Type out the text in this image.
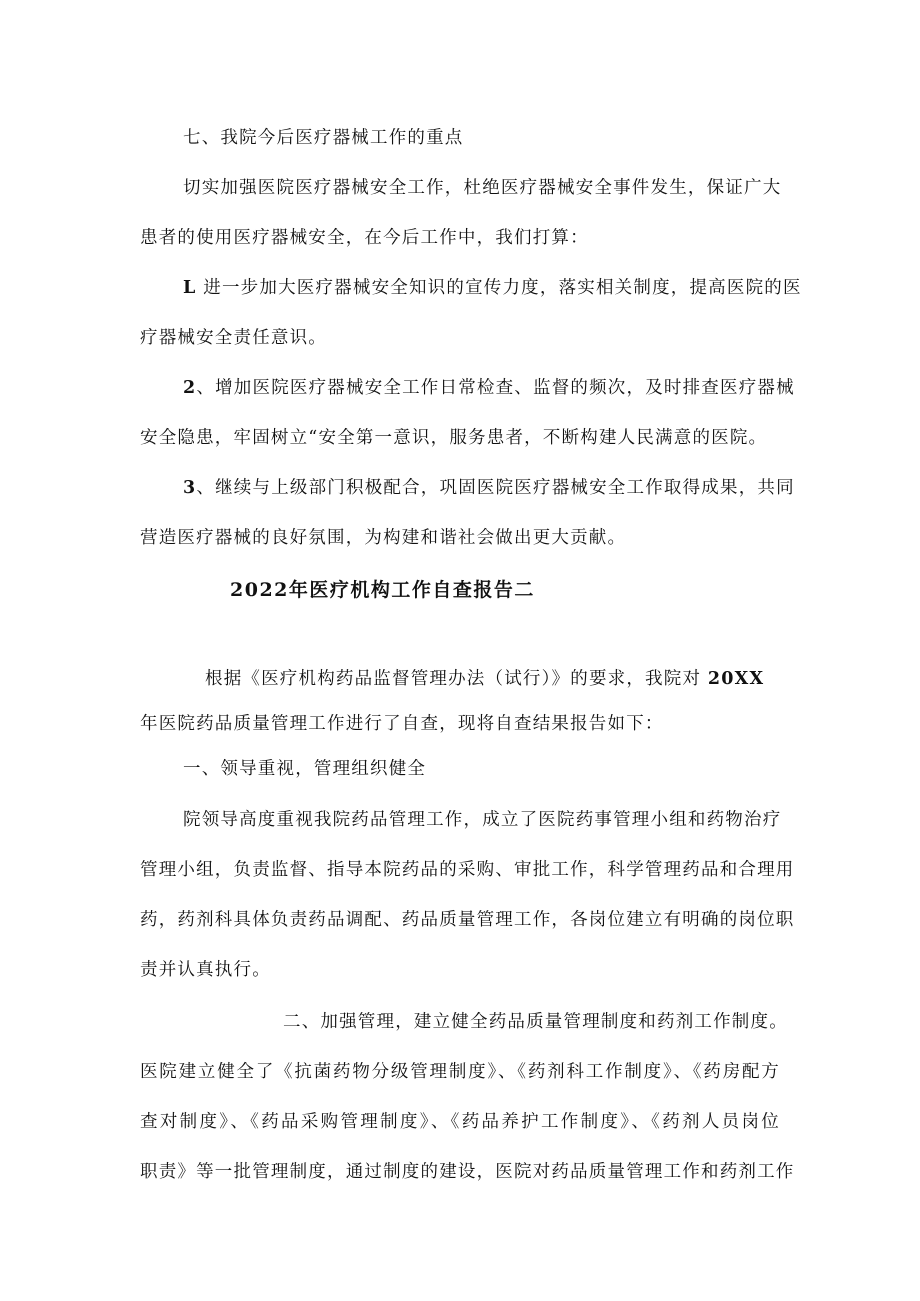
七、我院今后医疗器械工作的重点
切实加强医院医疗器械安全工作，杜绝医疗器械安全事件发生，保证广大
患者的使用医疗器械安全，在今后工作中，我们打算：
L 进一步加大医疗器械安全知识的宣传力度，落实相关制度，提高医院的医
疗器械安全责任意识。
2、增加医院医疗器械安全工作日常检查、监督的频次，及时排查医疗器械
安全隐患，牢固树立“安全第一意识，服务患者，不断构建人民满意的医院。
3、继续与上级部门积极配合，巩固医院医疗器械安全工作取得成果，共同
营造医疗器械的良好氛围，为构建和谐社会做出更大贡献。
2022年医疗机构工作自查报告二
根据《医疗机构药品监督管理办法（试行）》的要求，我院对 20XX
年医院药品质量管理工作进行了自查，现将自查结果报告如下：
一、领导重视，管理组织健全
院领导高度重视我院药品管理工作，成立了医院药事管理小组和药物治疗
管理小组，负责监督、指导本院药品的采购、审批工作，科学管理药品和合理用
药，药剂科具体负责药品调配、药品质量管理工作，各岗位建立有明确的岗位职
责并认真执行。
二、加强管理，建立健全药品质量管理制度和药剂工作制度。
医院建立健全了《抗菌药物分级管理制度》、《药剂科工作制度》、《药房配方
查对制度》、《药品采购管理制度》、《药品养护工作制度》、《药剂人员岗位
职责》等一批管理制度，通过制度的建设，医院对药品质量管理工作和药剂工作
